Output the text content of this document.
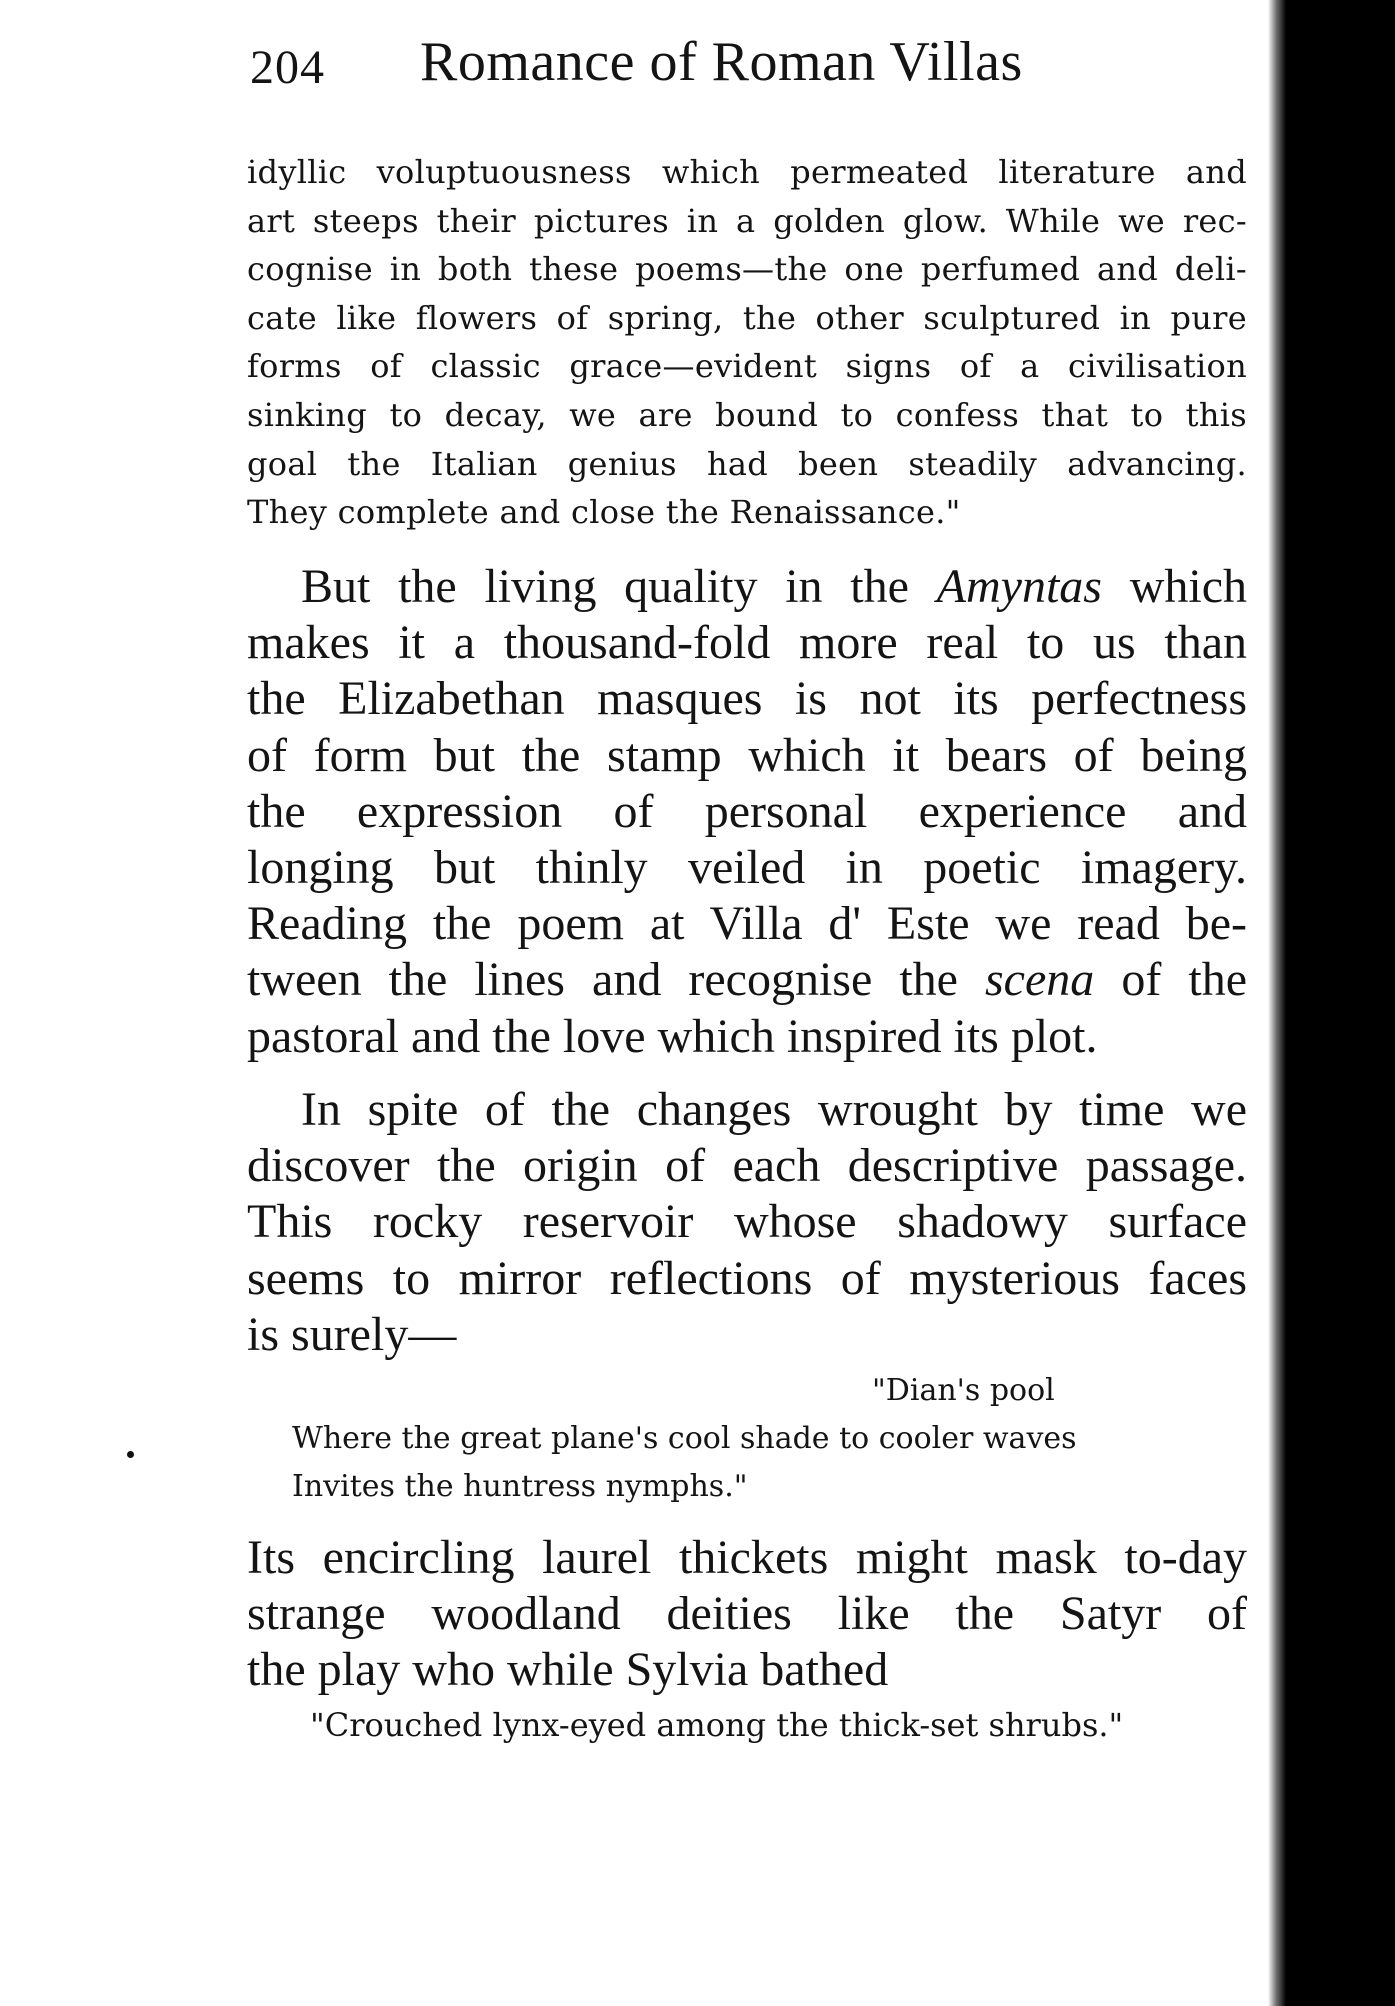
204 Romance of Roman Villas
idyllic voluptuousness which permeated literature and
art steeps their pictures in a golden glow. While we rec-
cognise in both these poems—the one perfumed and deli-
cate like flowers of spring, the other sculptured in pure
forms of classic grace—evident signs of a civilisation
sinking to decay, we are bound to confess that to this
goal the Italian genius had been steadily advancing.
They complete and close the Renaissance."
But the living quality in the Amyntas which
makes it a thousand-fold more real to us than
the Elizabethan masques is not its perfectness
of form but the stamp which it bears of being
the expression of personal experience and
longing but thinly veiled in poetic imagery.
Reading the poem at Villa d' Este we read be-
tween the lines and recognise the scena of the
pastoral and the love which inspired its plot.
In spite of the changes wrought by time we
discover the origin of each descriptive passage.
This rocky reservoir whose shadowy surface
seems to mirror reflections of mysterious faces
is surely—
"Dian's pool
Where the great plane's cool shade to cooler waves
Invites the huntress nymphs."
Its encircling laurel thickets might mask to-day
strange woodland deities like the Satyr of
the play who while Sylvia bathed
"Crouched lynx-eyed among the thick-set shrubs."
